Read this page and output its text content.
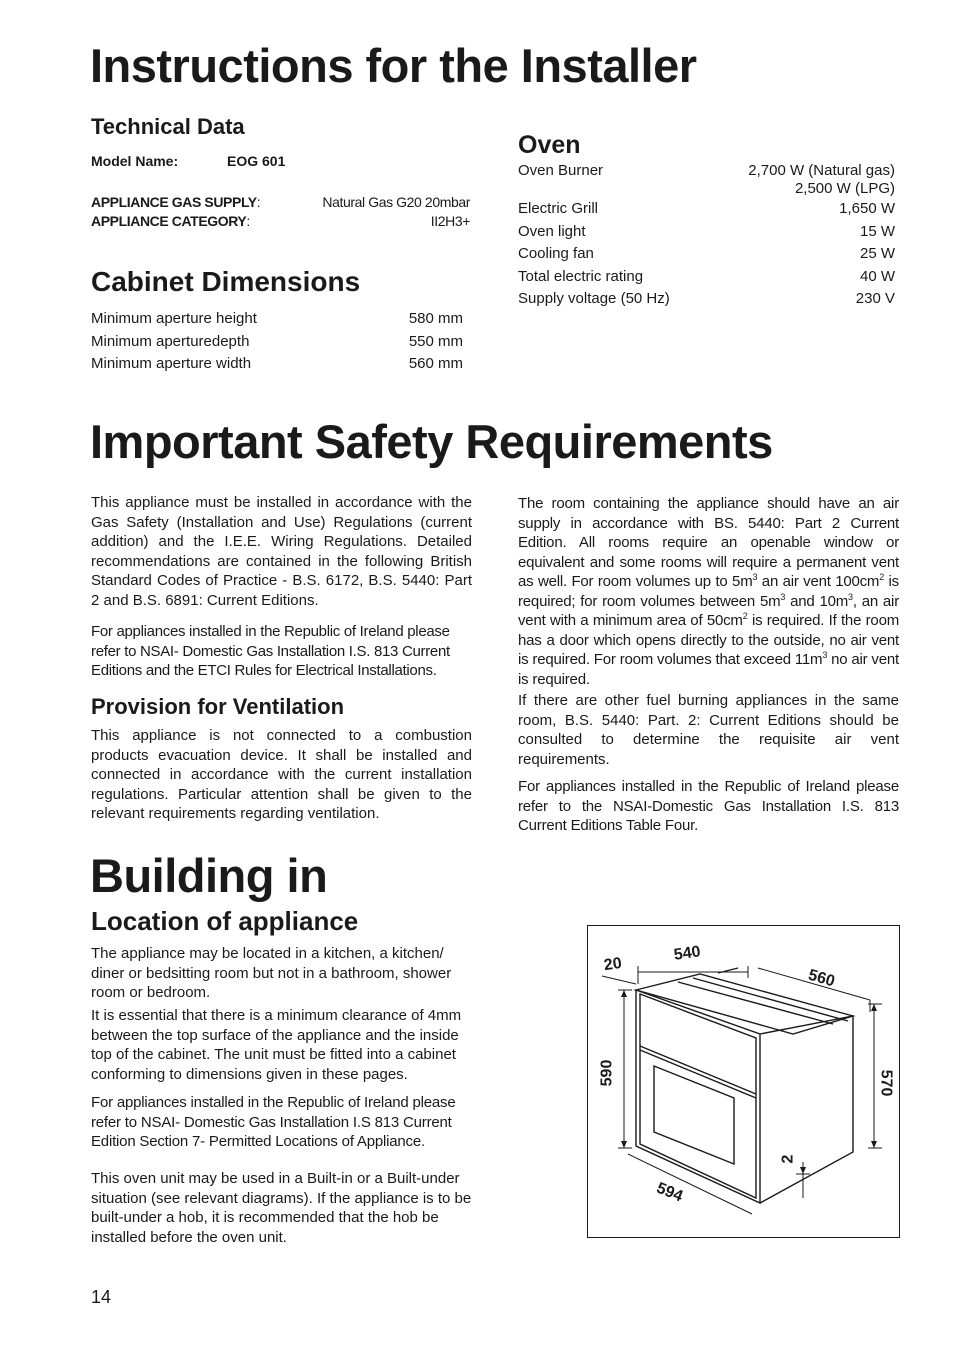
Instructions for the Installer
Technical Data
Model Name:	EOG 601
APPLIANCE GAS SUPPLY:	Natural Gas G20 20mbar
APPLIANCE CATEGORY:	II2H3+
Cabinet Dimensions
Minimum aperture height	580 mm
Minimum aperturedepth	550 mm
Minimum aperture width	560 mm
Oven
Oven Burner	2,700 W (Natural gas)
2,500 W (LPG)
Electric Grill	1,650 W
Oven light	15 W
Cooling fan	25 W
Total electric rating	40 W
Supply voltage (50 Hz)	230 V
Important Safety Requirements
This appliance must be installed in accordance with the Gas Safety (Installation and Use) Regulations (current addition) and the I.E.E. Wiring Regulations. Detailed recommendations are contained in the following British Standard Codes of Practice - B.S. 6172, B.S. 5440: Part 2 and B.S. 6891: Current Editions.
For appliances installed in the Republic of Ireland please refer to NSAI- Domestic Gas Installation I.S. 813 Current Editions and the ETCI Rules for Electrical Installations.
Provision for Ventilation
This appliance is not connected to a combustion products evacuation device. It shall be installed and connected in accordance with the current installation regulations. Particular attention shall be given to the relevant requirements regarding ventilation.
The room containing the appliance should have an air supply in accordance with BS. 5440: Part 2 Current Edition. All rooms require an openable window or equivalent and some rooms will require a permanent vent as well. For room volumes up to $5m^3$ an air vent $100cm^2$ is required; for room volumes between $5m^3$ and $10m^3$, an air vent with a minimum area of $50cm^2$ is required. If the room has a door which opens directly to the outside, no air vent is required. For room volumes that exceed $11m^3$ no air vent is required.
If there are other fuel burning appliances in the same room, B.S. 5440: Part. 2: Current Editions should be consulted to determine the requisite air vent requirements.
For appliances installed in the Republic of Ireland please refer to the NSAI-Domestic Gas Installation I.S. 813 Current Editions Table Four.
Building in
Location of appliance
The appliance may be located in a kitchen, a kitchen/ diner or bedsitting room but not in a bathroom, shower room or bedroom.
It is essential that there is a minimum clearance of 4mm between the top surface of the appliance and the inside top of the cabinet. The unit must be fitted into a cabinet conforming to dimensions given in these pages.
For appliances installed in the Republic of Ireland please refer to NSAI- Domestic Gas Installation I.S 813 Current Edition Section 7- Permitted Locations of Appliance.
This oven unit may be used in a Built-in or a Built-under situation (see relevant diagrams). If the appliance is to be built-under a hob, it is recommended that the hob be installed before the oven unit.
20
540
560
590	570
2
594
14
